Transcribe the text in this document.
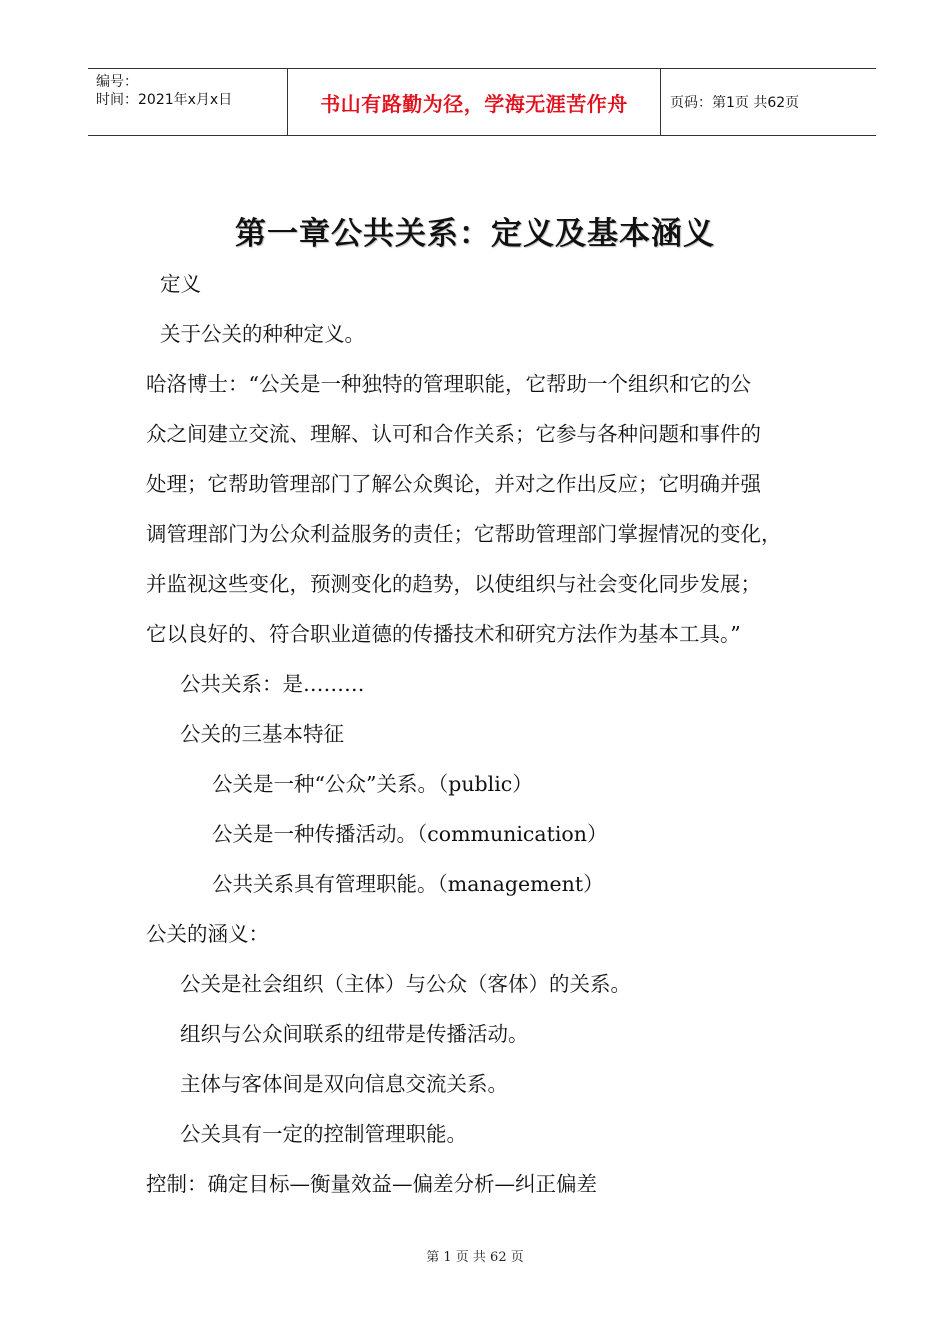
编号：
时间：2021年x月x日	书山有路勤为径，学海无涯苦作舟	页码：第1页 共62页
第一章公共关系：定义及基本涵义
定义
关于公关的种种定义。
哈洛博士：“公关是一种独特的管理职能，它帮助一个组织和它的公
众之间建立交流、理解、认可和合作关系；它参与各种问题和事件的
处理；它帮助管理部门了解公众舆论，并对之作出反应；它明确并强
调管理部门为公众利益服务的责任；它帮助管理部门掌握情况的变化，
并监视这些变化，预测变化的趋势，以使组织与社会变化同步发展；
它以良好的、符合职业道德的传播技术和研究方法作为基本工具。”
公共关系：是………
公关的三基本特征
公关是一种“公众”关系。（public）
公关是一种传播活动。（communication）
公共关系具有管理职能。（management）
公关的涵义：
公关是社会组织（主体）与公众（客体）的关系。
组织与公众间联系的纽带是传播活动。
主体与客体间是双向信息交流关系。
公关具有一定的控制管理职能。
控制：确定目标—衡量效益—偏差分析—纠正偏差
第 1 页 共 62 页
